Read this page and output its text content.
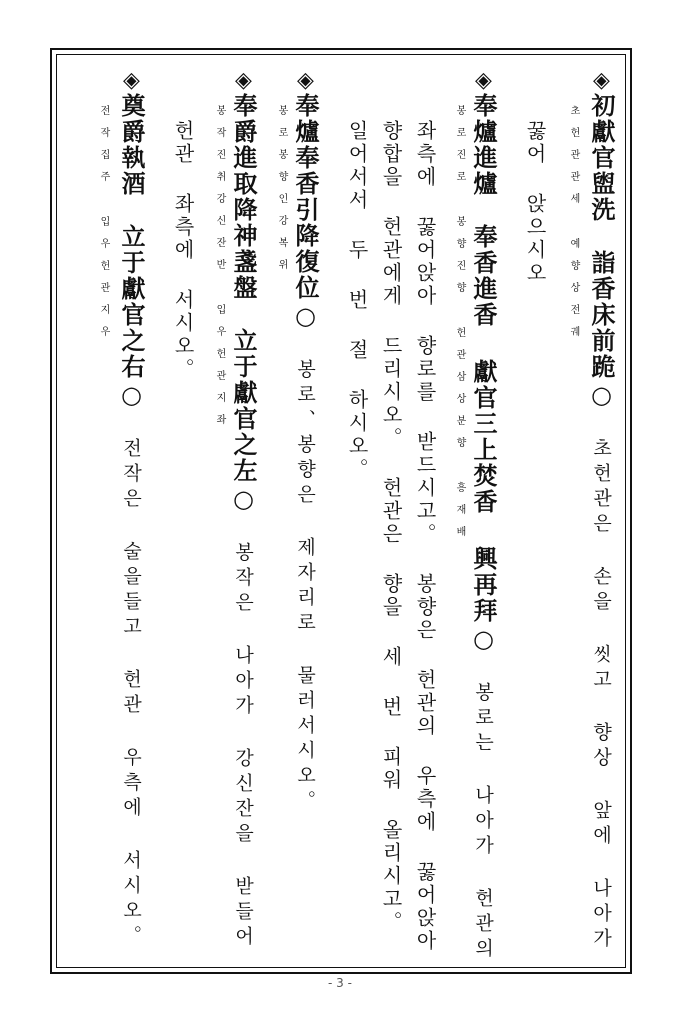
◈初獻官盥洗 詣香床前跪○ 초헌관은 손을 씻고 향상 앞에 나아가
초헌관관세 예향상전궤
꿇어 앉으시오
◈奉爐進爐 奉香進香 獻官三上焚香 興再拜○ 봉로는 나아가 헌관의
봉로진로 봉향진향 헌관삼상분향 흥재배
좌측에 꿇어앉아 향로를 받드시고。 봉향은 헌관의 우측에 꿇어앉아
향합을 헌관에게 드리시오。 헌관은 향을 세 번 피워 올리시고。
일어서서 두 번 절 하시오。
◈奉爐奉香引降復位○ 봉로、봉향은 제자리로 물러서시오。
봉로봉향인강복위
◈奉爵進取降神盞盤 立于獻官之左○ 봉작은 나아가 강신잔을 받들어
봉작진취강신잔반 입우헌관지좌
헌관 좌측에 서시오。
◈奠爵執酒 立于獻官之右○ 전작은 술을들고 헌관 우측에 서시오。
전작집주 입우헌관지우
- 3 -
